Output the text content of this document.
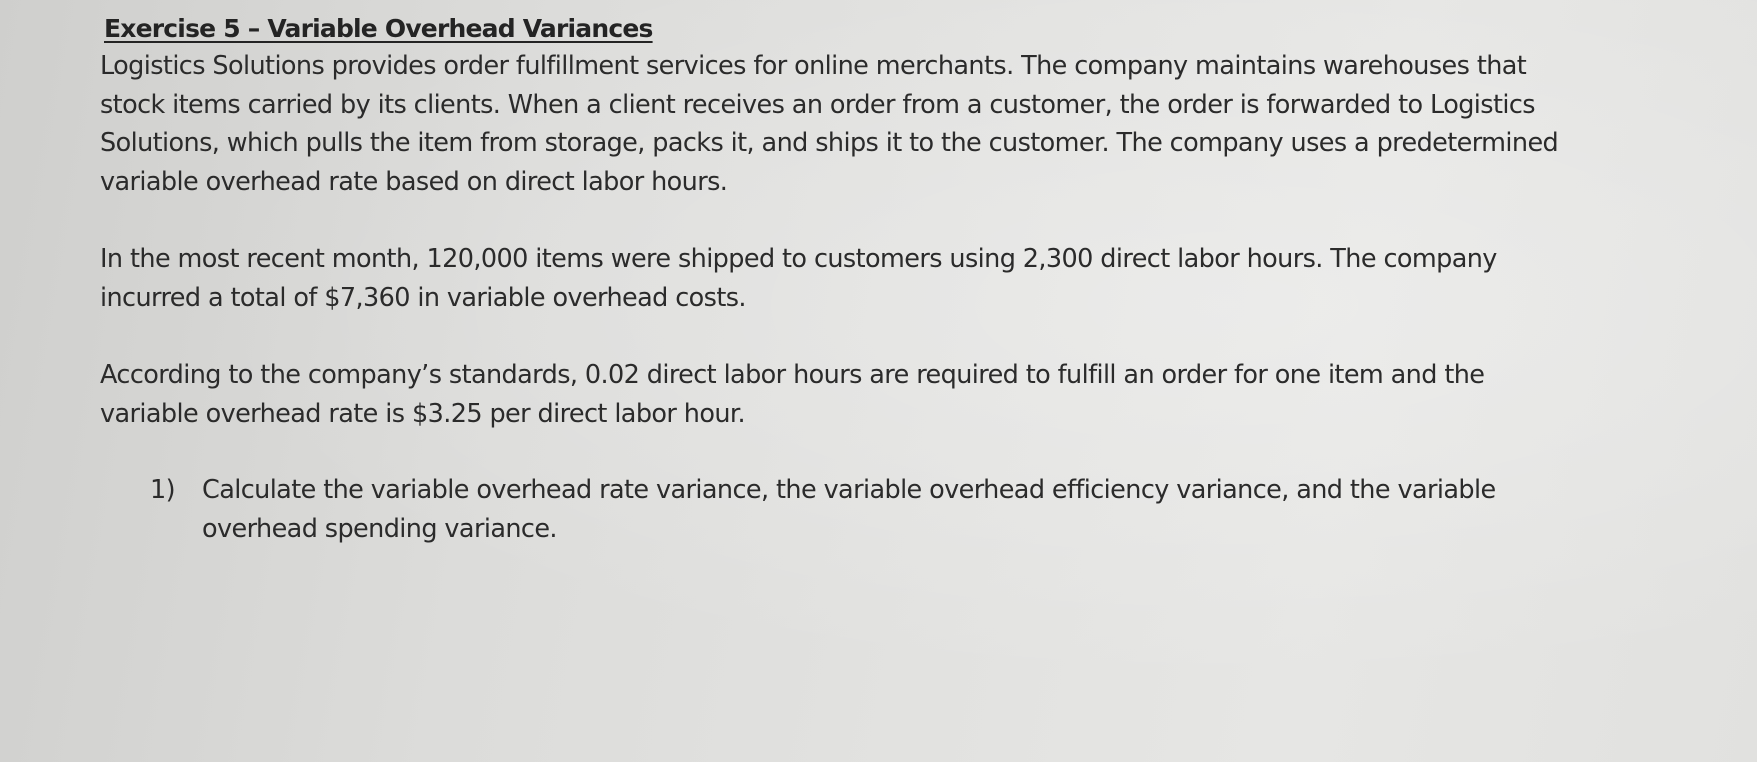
Exercise 5 – Variable Overhead Variances

Logistics Solutions provides order fulfillment services for online merchants. The company maintains warehouses that
stock items carried by its clients. When a client receives an order from a customer, the order is forwarded to Logistics
Solutions, which pulls the item from storage, packs it, and ships it to the customer. The company uses a predetermined
variable overhead rate based on direct labor hours.

In the most recent month, 120,000 items were shipped to customers using 2,300 direct labor hours. The company
incurred a total of $7,360 in variable overhead costs.

According to the company’s standards, 0.02 direct labor hours are required to fulfill an order for one item and the
variable overhead rate is $3.25 per direct labor hour.

1)	Calculate the variable overhead rate variance, the variable overhead efficiency variance, and the variable
overhead spending variance.
